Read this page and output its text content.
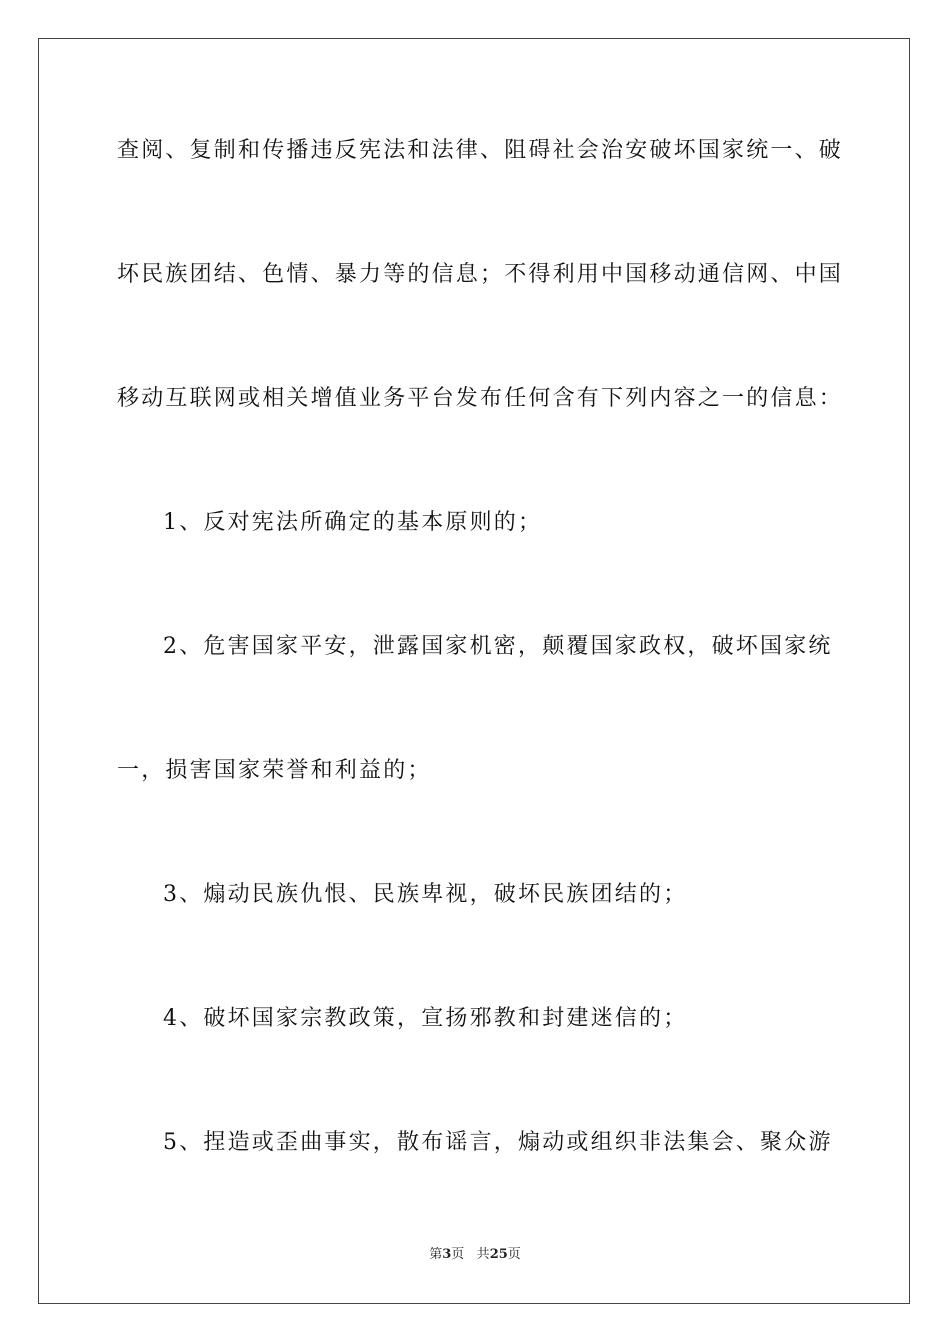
查阅、复制和传播违反宪法和法律、阻碍社会治安破坏国家统一、破
坏民族团结、色情、暴力等的信息；不得利用中国移动通信网、中国
移动互联网或相关增值业务平台发布任何含有下列内容之一的信息：
1、反对宪法所确定的基本原则的；
2、危害国家平安，泄露国家机密，颠覆国家政权，破坏国家统
一，损害国家荣誉和利益的；
3、煽动民族仇恨、民族卑视，破坏民族团结的；
4、破坏国家宗教政策，宣扬邪教和封建迷信的；
5、捏造或歪曲事实，散布谣言，煽动或组织非法集会、聚众游
第3页 共25页
